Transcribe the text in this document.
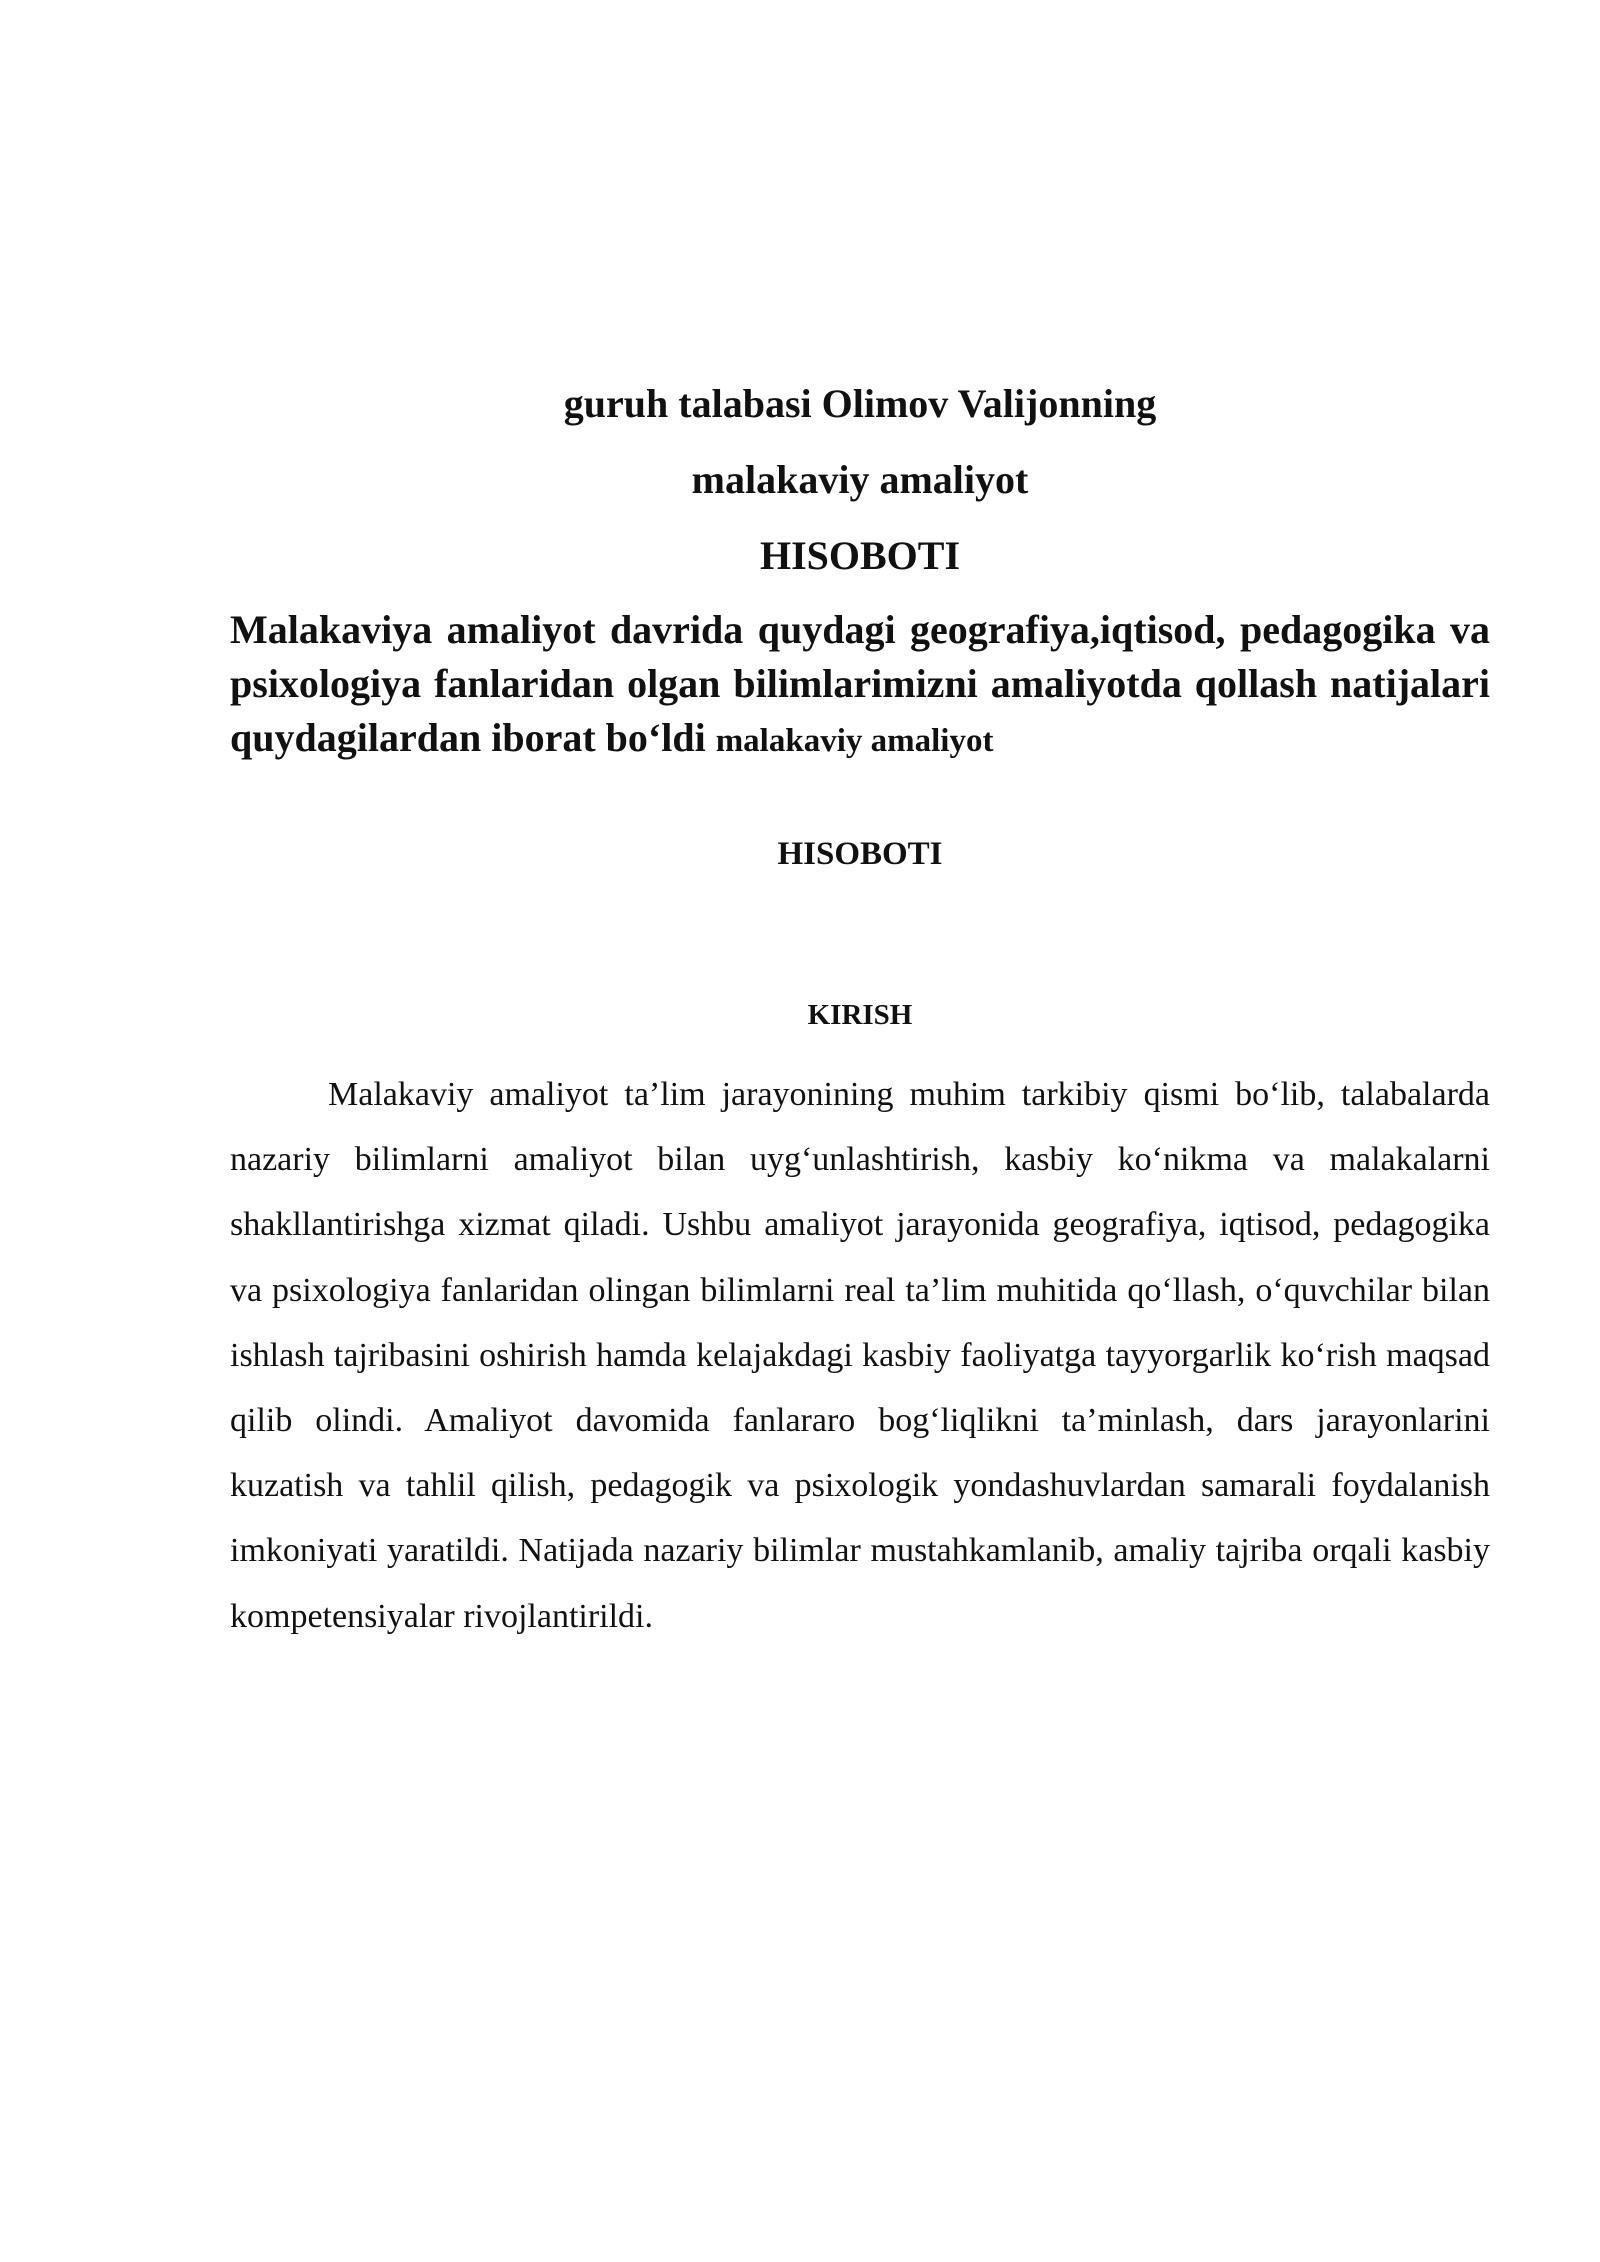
guruh talabasi Olimov Valijonning
malakaviy amaliyot
HISOBOTI
Malakaviya amaliyot davrida quydagi geografiya,iqtisod, pedagogika va psixologiya fanlaridan olgan bilimlarimizni amaliyotda qollash natijalari quydagilardan iborat bo‘ldi malakaviy amaliyot
HISOBOTI
KIRISH
Malakaviy amaliyot ta’lim jarayonining muhim tarkibiy qismi bo‘lib, talabalarda nazariy bilimlarni amaliyot bilan uyg‘unlashtirish, kasbiy ko‘nikma va malakalarni shakllantirishga xizmat qiladi. Ushbu amaliyot jarayonida geografiya, iqtisod, pedagogika va psixologiya fanlaridan olingan bilimlarni real ta’lim muhitida qo‘llash, o‘quvchilar bilan ishlash tajribasini oshirish hamda kelajakdagi kasbiy faoliyatga tayyorgarlik ko‘rish maqsad qilib olindi. Amaliyot davomida fanlararo bog‘liqlikni ta’minlash, dars jarayonlarini kuzatish va tahlil qilish, pedagogik va psixologik yondashuvlardan samarali foydalanish imkoniyati yaratildi. Natijada nazariy bilimlar mustahkamlanib, amaliy tajriba orqali kasbiy kompetensiyalar rivojlantirildi.
